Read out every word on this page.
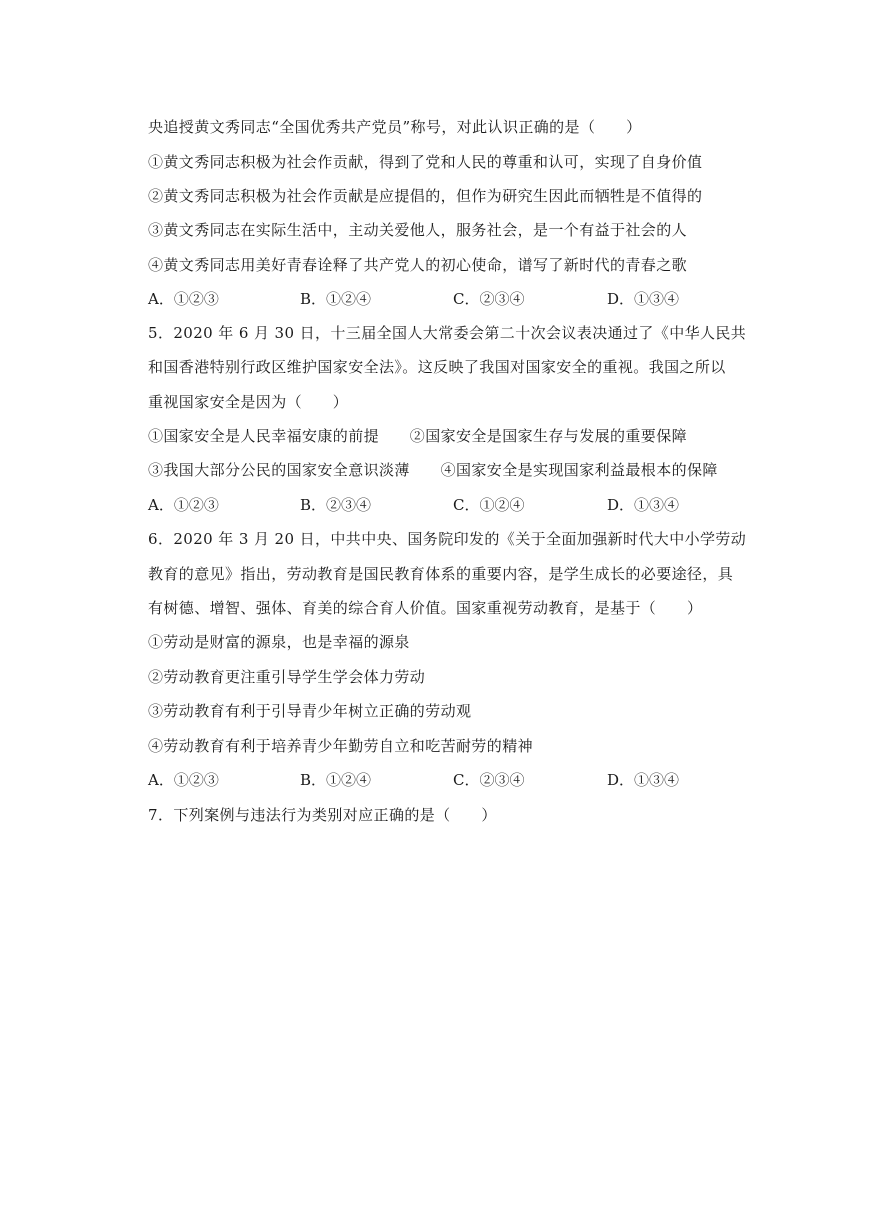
央追授黄文秀同志“全国优秀共产党员”称号，对此认识正确的是（　　）
①黄文秀同志积极为社会作贡献，得到了党和人民的尊重和认可，实现了自身价值
②黄文秀同志积极为社会作贡献是应提倡的，但作为研究生因此而牺牲是不值得的
③黄文秀同志在实际生活中，主动关爱他人，服务社会，是一个有益于社会的人
④黄文秀同志用美好青春诠释了共产党人的初心使命，谱写了新时代的青春之歌
A．①②③	B．①②④	C．②③④	D．①③④
5．2020 年 6 月 30 日，十三届全国人大常委会第二十次会议表决通过了《中华人民共
和国香港特别行政区维护国家安全法》。这反映了我国对国家安全的重视。我国之所以
重视国家安全是因为（　　）
①国家安全是人民幸福安康的前提　　②国家安全是国家生存与发展的重要保障
③我国大部分公民的国家安全意识淡薄　　④国家安全是实现国家利益最根本的保障
A．①②③	B．②③④	C．①②④	D．①③④
6．2020 年 3 月 20 日，中共中央、国务院印发的《关于全面加强新时代大中小学劳动
教育的意见》指出，劳动教育是国民教育体系的重要内容，是学生成长的必要途径，具
有树德、增智、强体、育美的综合育人价值。国家重视劳动教育，是基于（　　）
①劳动是财富的源泉，也是幸福的源泉
②劳动教育更注重引导学生学会体力劳动
③劳动教育有利于引导青少年树立正确的劳动观
④劳动教育有利于培养青少年勤劳自立和吃苦耐劳的精神
A．①②③	B．①②④	C．②③④	D．①③④
7．下列案例与违法行为类别对应正确的是（　　）
